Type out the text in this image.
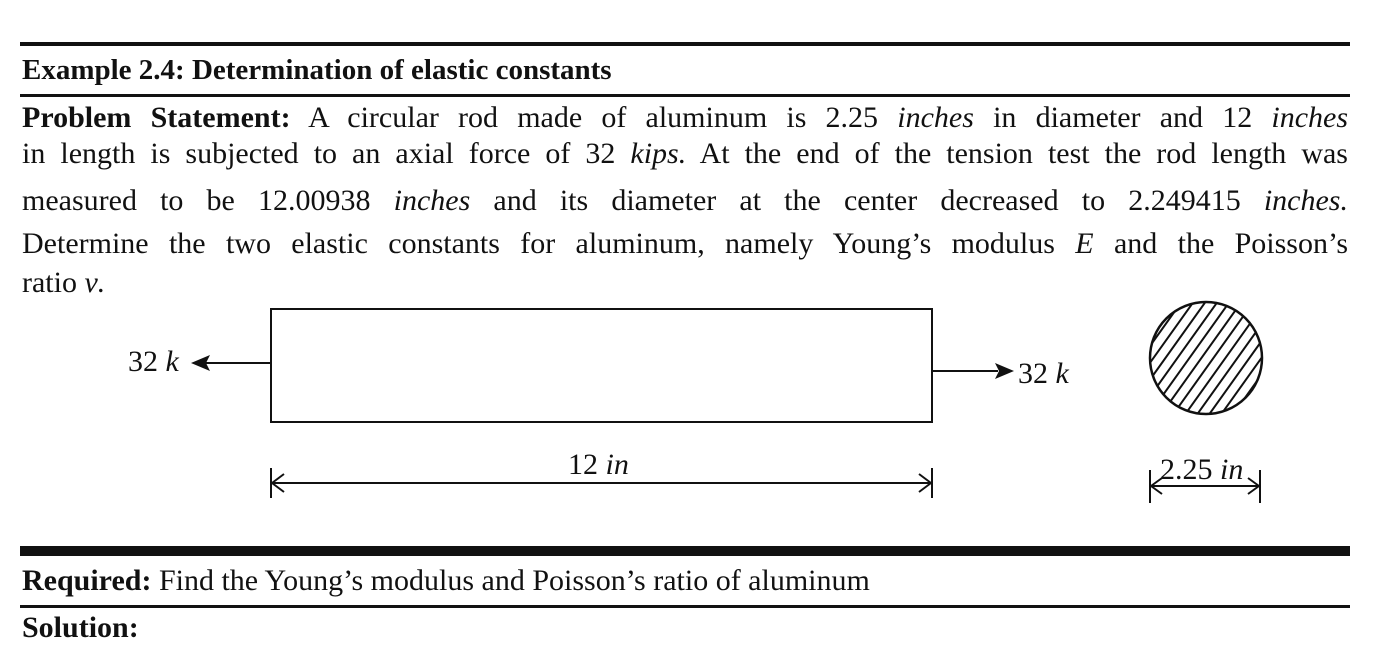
Example 2.4: Determination of elastic constants

Problem Statement: A circular rod made of aluminum is 2.25 inches in diameter and 12 inches

in length is subjected to an axial force of 32 kips. At the end of the tension test the rod length was

measured to be 12.00938 inches and its diameter at the center decreased to 2.249415 inches.

Determine the two elastic constants for aluminum, namely Young’s modulus E and the Poisson’s

ratio ν.

32 k	32 k
12 in	2.25 in

Required: Find the Young’s modulus and Poisson’s ratio of aluminum

Solution:
